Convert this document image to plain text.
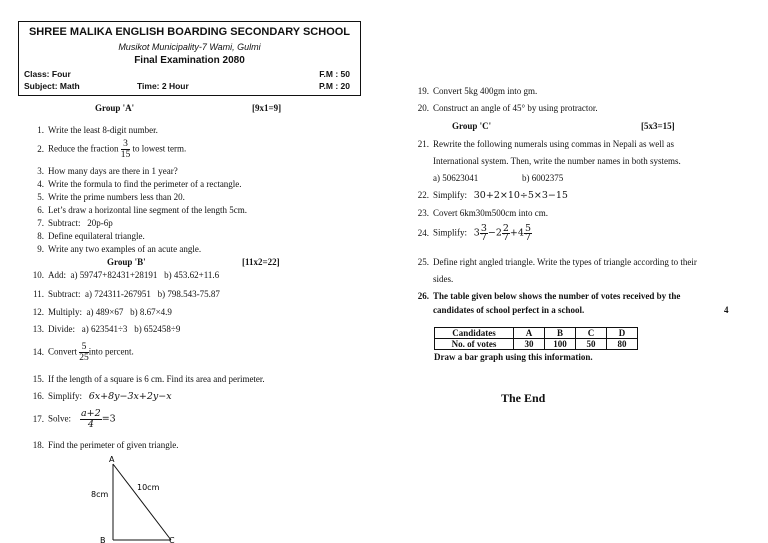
SHREE MALIKA ENGLISH BOARDING SECONDARY SCHOOL
Musikot Municipality-7 Wami, Gulmi
Final Examination 2080
Class: Four	F.M : 50
Subject: Math	Time: 2 Hour	P.M : 20
Group 'A'	[9x1=9]
1. Write the least 8-digit number.
2. Reduce the fraction $\frac{3}{15}$ to lowest term.
3. How many days are there in 1 year?
4. Write the formula to find the perimeter of a rectangle.
5. Write the prime numbers less than 20.
6. Let’s draw a horizontal line segment of the length 5cm.
7. Subtract: 20p-6p
8. Define equilateral triangle.
9. Write any two examples of an acute angle.
Group 'B'	[11x2=22]
10. Add: a) 59747+82431+28191 b) 453.62+11.6
11. Subtract: a) 724311-267951 b) 798.543-75.87
12. Multiply: a) 489×67 b) 8.67×4.9
13. Divide: a) 623541÷3 b) 652458÷9
14. Convert $\frac{5}{25}$ into percent.
15. If the length of a square is 6 cm. Find its area and perimeter.
16. Simplify: 6x+8y−3x+2y−x
17. Solve: $\frac{a+2}{4} =3$
18. Find the perimeter of given triangle.
A
B	C
8cm
10cm
19. Convert 5kg 400gm into gm.
20. Construct an angle of 45° by using protractor.
Group 'C'	[5x3=15]
21. Rewrite the following numerals using commas in Nepali as well as
International system. Then, write the number names in both systems.
a) 50623041	b) 6002375
22. Simplify: 30+2×10÷5×3−15
23. Covert 6km30m500cm into cm.
24. Simplify: $3 \frac{3}{7}-2 \frac{2}{7}+4 \frac{5}{7}$
25. Define right angled triangle. Write the types of triangle according to their
sides.
26. The table given below shows the number of votes received by the
candidates of school perfect in a school.	4
Candidates	A	B	C	D
No. of votes	30	100	50	80
Draw a bar graph using this information.
The End
